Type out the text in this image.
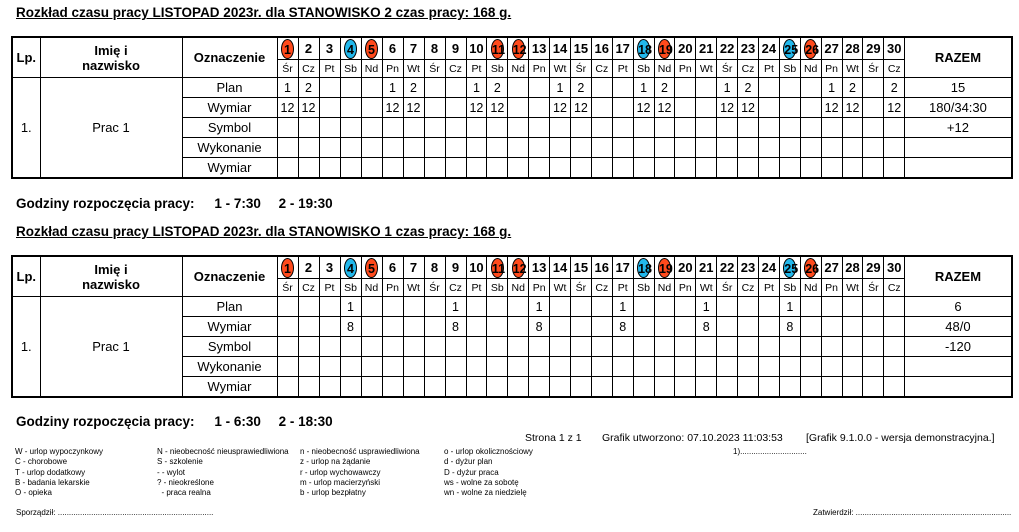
Rozkład czasu pracy LISTOPAD 2023r. dla STANOWISKO 2 czas pracy: 168 g.
Lp.	Imię i
nazwisko	Oznaczenie	1	2	3	4	5	6	7	8	9	10	11	12	13	14	15	16	17	18	19	20	21	22	23	24	25	26	27	28	29	30	RAZEM
			Śr	Cz	Pt	Sb	Nd	Pn	Wt	Śr	Cz	Pt	Sb	Nd	Pn	Wt	Śr	Cz	Pt	Sb	Nd	Pn	Wt	Śr	Cz	Pt	Sb	Nd	Pn	Wt	Śr	Cz	
1.	Prac 1	Plan	1	2				1	2			1	2			1	2			1	2			1	2				1	2		2	15
		Wymiar	12	12				12	12			12	12			12	12			12	12			12	12				12	12		12	180/34:30
		Symbol																															+12
		Wykonanie																															
		Wymiar																															
Godziny rozpoczęcia pracy: 1 - 7:30 2 - 19:30
Rozkład czasu pracy LISTOPAD 2023r. dla STANOWISKO 1 czas pracy: 168 g.
Lp.	Imię i
nazwisko	Oznaczenie	1	2	3	4	5	6	7	8	9	10	11	12	13	14	15	16	17	18	19	20	21	22	23	24	25	26	27	28	29	30	RAZEM
			Śr	Cz	Pt	Sb	Nd	Pn	Wt	Śr	Cz	Pt	Sb	Nd	Pn	Wt	Śr	Cz	Pt	Sb	Nd	Pn	Wt	Śr	Cz	Pt	Sb	Nd	Pn	Wt	Śr	Cz	
1.	Prac 1	Plan				1					1				1				1				1				1						6
		Wymiar				8					8				8				8				8				8						48/0
		Symbol																															-120
		Wykonanie																															
		Wymiar																															
Godziny rozpoczęcia pracy: 1 - 6:30 2 - 18:30
Strona 1 z 1 Grafik utworzono: 07.10.2023 11:03:53 [Grafik 9.1.0.0 - wersja demonstracyjna.]
1)..............................
W - urlop wypoczynkowy
C - chorobowe
T - urlop dodatkowy
B - badania lekarskie
O - opieka
N - nieobecność nieusprawiedliwiona
S - szkolenie
- - wylot
? - nieokreślone
- praca realna
n - nieobecność usprawiedliwiona
z - urlop na żądanie
r - urlop wychowawczy
m - urlop macierzyński
b - urlop bezpłatny
o - urlop okolicznościowy
d - dyżur plan
D - dyżur praca
ws - wolne za sobotę
wn - wolne za niedzielę
Sporządził: ......................................................................	Zatwierdził: ......................................................................
